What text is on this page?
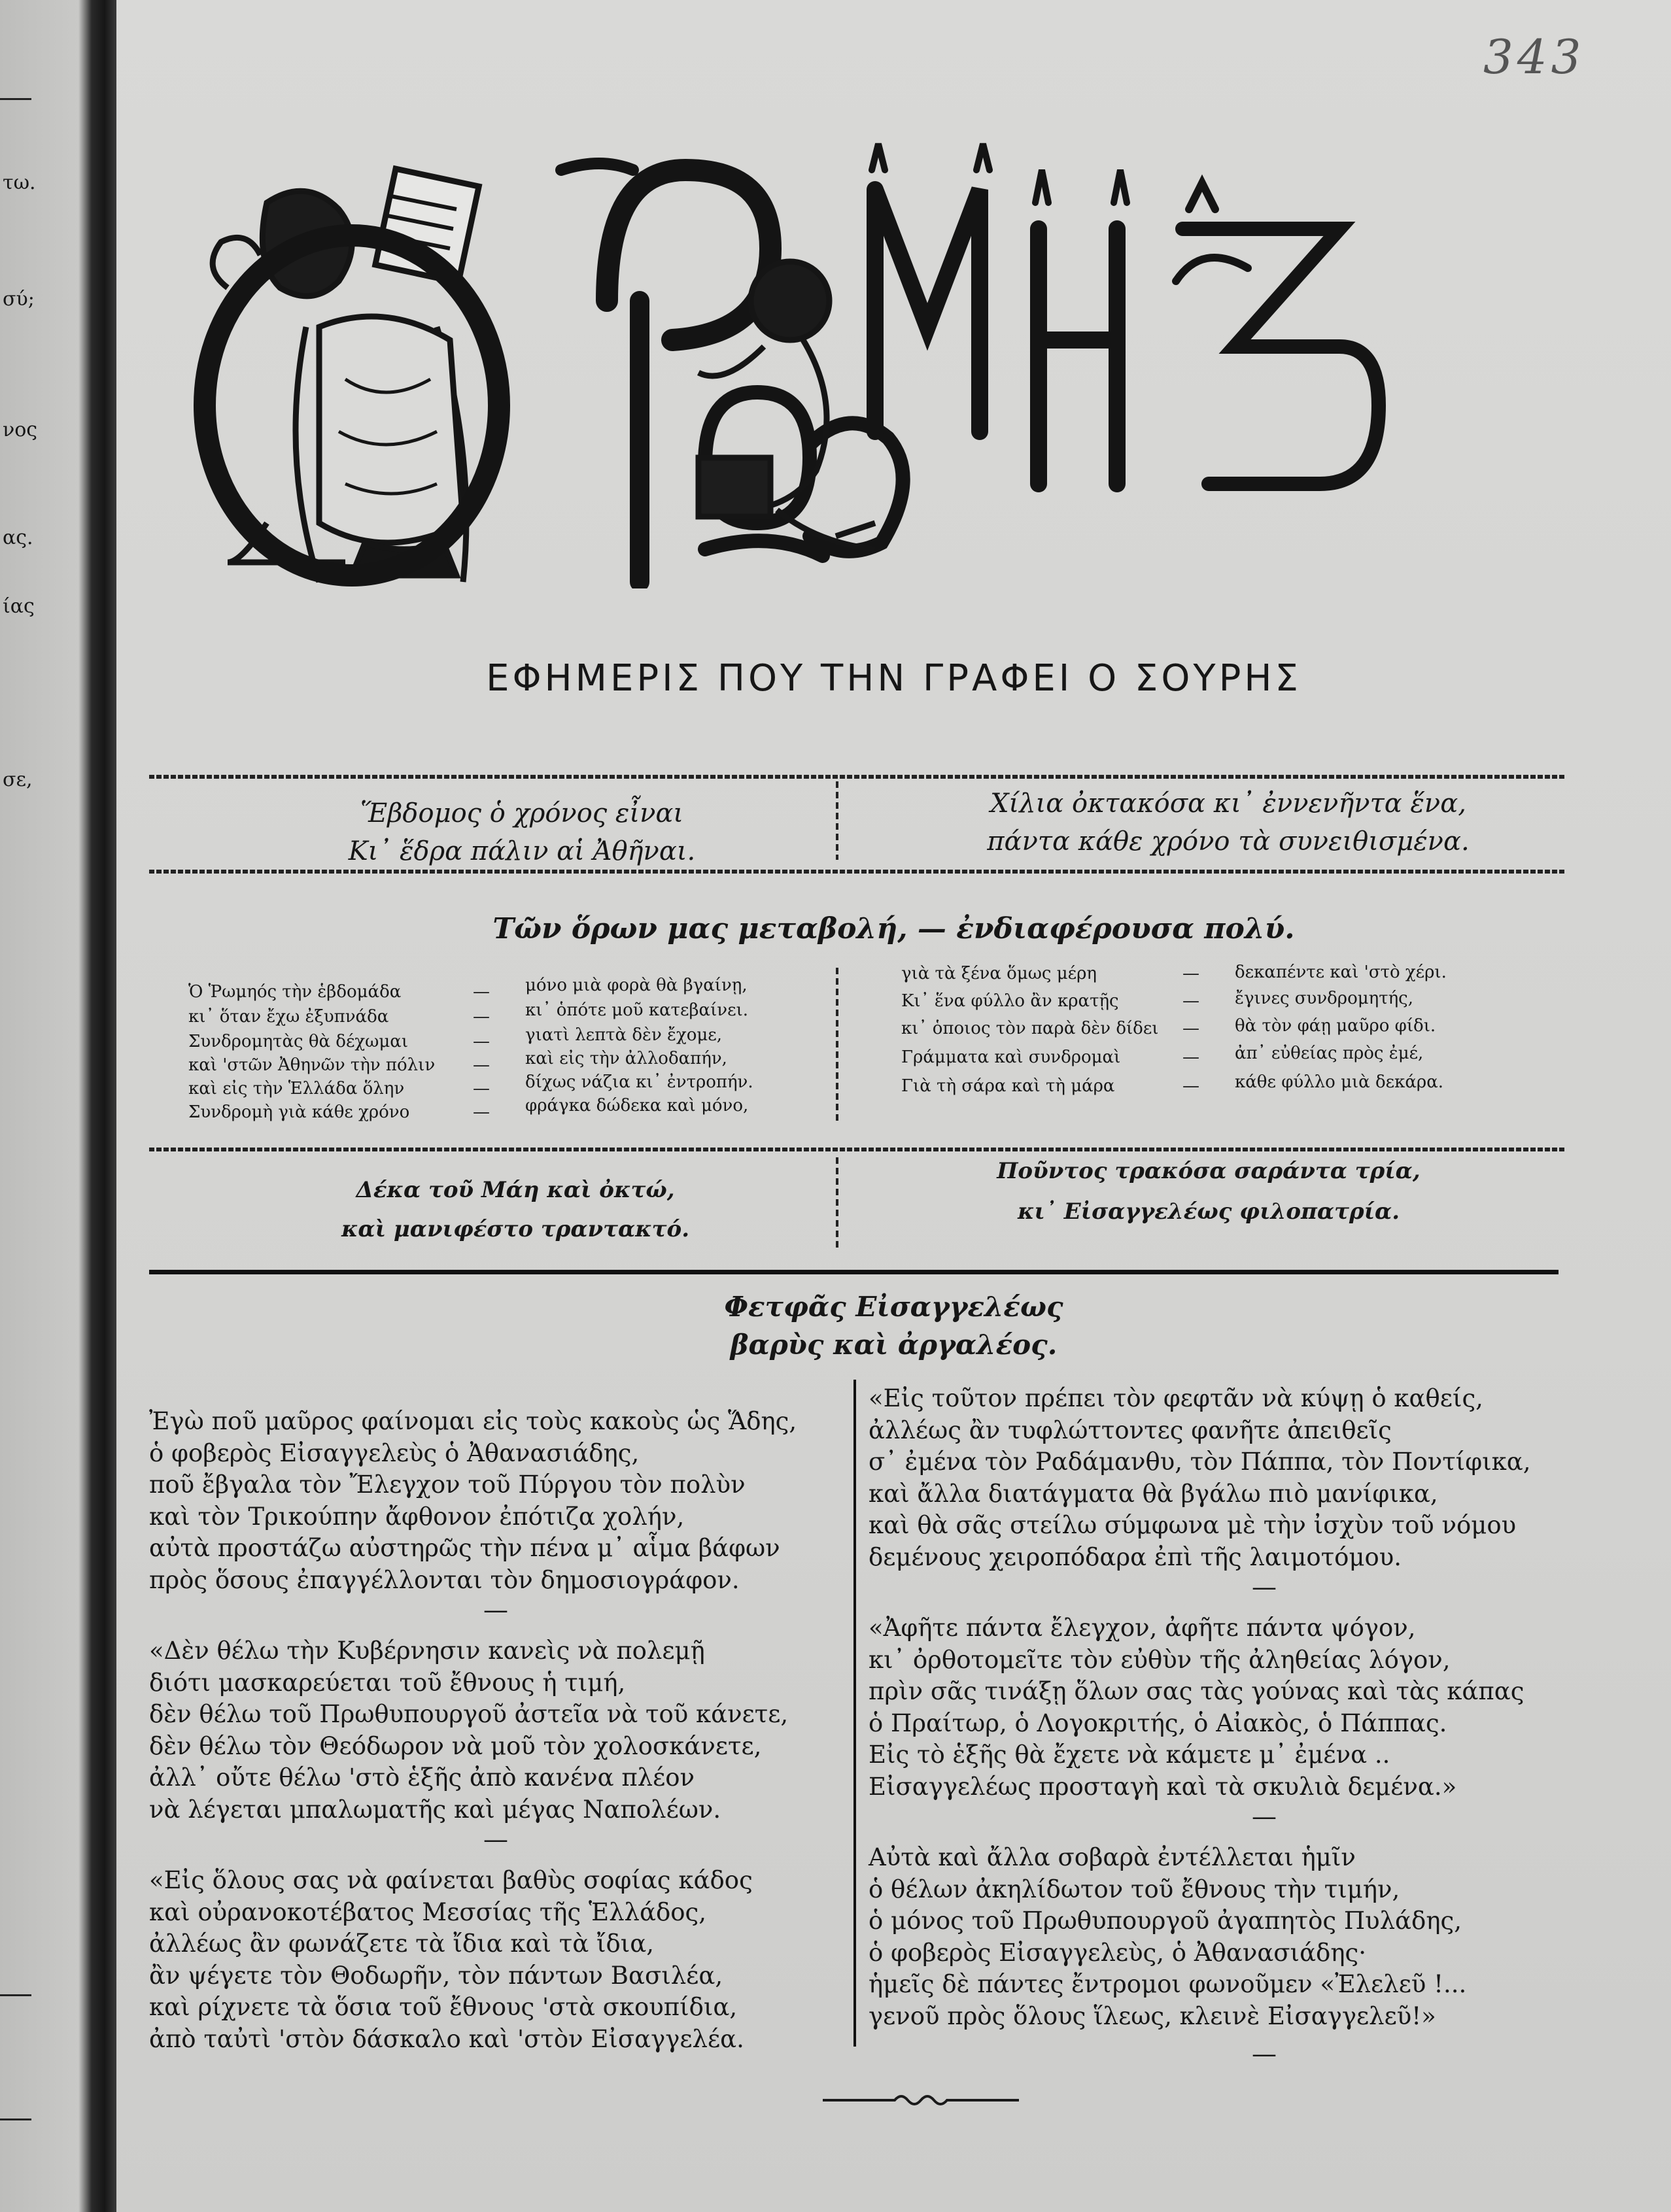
τω.
σύ;
νος
ας.
ίας
σε,
343
ΕΦΗΜΕΡΙΣ ΠΟΥ ΤΗΝ ΓΡΑΦΕΙ Ο ΣΟΥΡΗΣ
Ἕβδομος ὁ χρόνος εἶναι
Κι᾽ ἕδρα πάλιν αἱ Ἀθῆναι.
Χίλια ὀκτακόσα κι᾽ ἐννενῆντα ἕνα,
πάντα κάθε χρόνο τὰ συνειθισμένα.
Τῶν ὅρων μας μεταβολή, — ἐνδιαφέρουσα πολύ.
Ὁ Ῥωμηός τὴν ἑβδομάδα	— μόνο μιὰ φορὰ θὰ βγαίνῃ,
κι᾽ ὅταν ἔχω ἐξυπνάδα	— κι᾽ ὁπότε μοῦ κατεβαίνει.
Συνδρομητὰς θὰ δέχωμαι	— γιατὶ λεπτὰ δὲν ἔχομε,
καὶ 'στῶν Ἀθηνῶν τὴν πόλιν — καὶ εἰς τὴν ἀλλοδαπήν,
καὶ εἰς τὴν Ἑλλάδα ὅλην	— δίχως νάζια κι᾽ ἐντροπήν.
Συνδρομὴ γιὰ κάθε χρόνο	— φράγκα δώδεκα καὶ μόνο,
γιὰ τὰ ξένα ὅμως μέρη	— δεκαπέντε καὶ 'στὸ χέρι.
Κι᾽ ἕνα φύλλο ἂν κρατῇς	— ἔγινες συνδρομητής,
κι᾽ ὁποιος τὸν παρὰ δὲν δίδει — θὰ τὸν φάῃ μαῦρο φίδι.
Γράμματα καὶ συνδρομαὶ	— ἀπ᾽ εὐθείας πρὸς ἐμέ,
Γιὰ τὴ σάρα καὶ τὴ μάρα	— κάθε φύλλο μιὰ δεκάρα.
Δέκα τοῦ Μάη καὶ ὀκτώ,
καὶ μανιφέστο τραντακτό.
Ποῦντος τρακόσα σαράντα τρία,
κι᾽ Εἰσαγγελέως φιλοπατρία.
Φετφᾶς Εἰσαγγελέως
βαρὺς καὶ ἀργαλέος.

Ἐγὼ ποῦ μαῦρος φαίνομαι εἰς τοὺς κακοὺς ὡς Ἅδης,

ὁ φοβερὸς Εἰσαγγελεὺς ὁ Ἀθανασιάδης,

ποῦ ἔβγαλα τὸν Ἔλεγχον τοῦ Πύργου τὸν πολὺν

καὶ τὸν Τρικούπην ἄφθονον ἐπότιζα χολήν,

αὐτὰ προστάζω αὐστηρῶς τὴν πένα μ᾽ αἷμα βάφων

πρὸς ὅσους ἐπαγγέλλονται τὸν δημοσιογράφον.

—

«Δὲν θέλω τὴν Κυβέρνησιν κανεὶς νὰ πολεμῇ

διότι μασκαρεύεται τοῦ ἔθνους ἡ τιμή,

δὲν θέλω τοῦ Πρωθυπουργοῦ ἀστεῖα νὰ τοῦ κάνετε,

δὲν θέλω τὸν Θεόδωρον νὰ μοῦ τὸν χολοσκάνετε,

ἀλλ᾽ οὔτε θέλω 'στὸ ἑξῆς ἀπὸ κανένα πλέον

νὰ λέγεται μπαλωματῆς καὶ μέγας Ναπολέων.

—

«Εἰς ὅλους σας νὰ φαίνεται βαθὺς σοφίας κάδος

καὶ οὐρανοκοτέβατος Μεσσίας τῆς Ἑλλάδος,

ἀλλέως ἂν φωνάζετε τὰ ἴδια καὶ τὰ ἴδια,

ἂν ψέγετε τὸν Θοδωρῆν, τὸν πάντων Βασιλέα,

καὶ ρίχνετε τὰ ὅσια τοῦ ἔθνους 'στὰ σκουπίδια,

ἀπὸ ταὐτὶ 'στὸν δάσκαλο καὶ 'στὸν Εἰσαγγελέα.

«Εἰς τοῦτον πρέπει τὸν φεφτᾶν νὰ κύψῃ ὁ καθείς,

ἀλλέως ἂν τυφλώττοντες φανῆτε ἀπειθεῖς

σ᾽ ἐμένα τὸν Ραδάμανθυ, τὸν Πάππα, τὸν Ποντίφικα,

καὶ ἄλλα διατάγματα θὰ βγάλω πιὸ μανίφικα,

καὶ θὰ σᾶς στείλω σύμφωνα μὲ τὴν ἰσχὺν τοῦ νόμου

δεμένους χειροπόδαρα ἐπὶ τῆς λαιμοτόμου.

—

«Ἀφῆτε πάντα ἔλεγχον, ἀφῆτε πάντα ψόγον,

κι᾽ ὀρθοτομεῖτε τὸν εὐθὺν τῆς ἀληθείας λόγον,

πρὶν σᾶς τινάξῃ ὅλων σας τὰς γούνας καὶ τὰς κάπας

ὁ Πραίτωρ, ὁ Λογοκριτής, ὁ Αἰακὸς, ὁ Πάππας.

Εἰς τὸ ἑξῆς θὰ ἔχετε νὰ κάμετε μ᾽ ἐμένα ..

Εἰσαγγελέως προσταγὴ καὶ τὰ σκυλιὰ δεμένα.»

—

Αὐτὰ καὶ ἄλλα σοβαρὰ ἐντέλλεται ἡμῖν

ὁ θέλων ἀκηλίδωτον τοῦ ἔθνους τὴν τιμήν,

ὁ μόνος τοῦ Πρωθυπουργοῦ ἀγαπητὸς Πυλάδης,

ὁ φοβερὸς Εἰσαγγελεὺς, ὁ Ἀθανασιάδης·

ἡμεῖς δὲ πάντες ἔντρομοι φωνοῦμεν «Ἐλελεῦ !...

γενοῦ πρὸς ὅλους ἵλεως, κλεινὲ Εἰσαγγελεῦ!»

—
